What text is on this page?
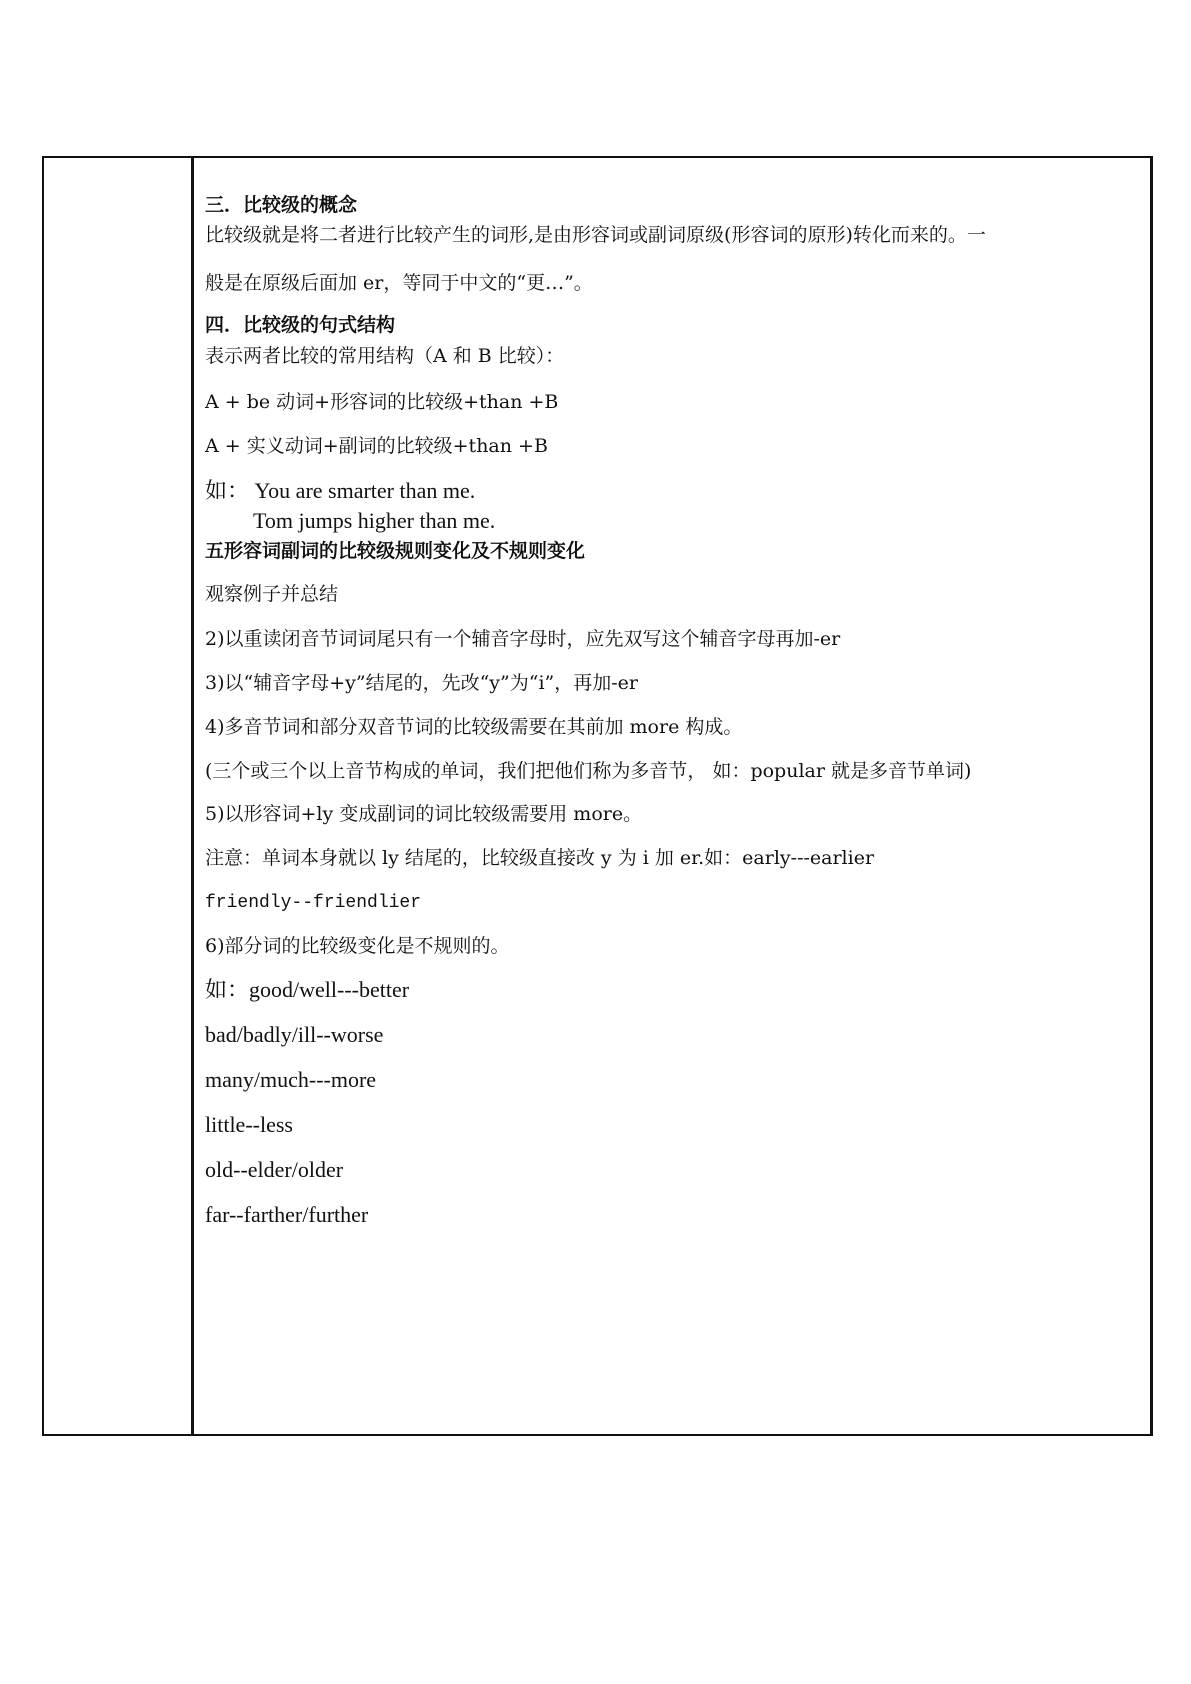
三．比较级的概念
比较级就是将二者进行比较产生的词形,是由形容词或副词原级(形容词的原形)转化而来的。一
般是在原级后面加 er，等同于中文的“更…”。
四．比较级的句式结构
表示两者比较的常用结构（A 和 B 比较）：
A + be 动词+形容词的比较级+than +B
A + 实义动词+副词的比较级+than +B
如： You are smarter than me.
Tom jumps higher than me.
五形容词副词的比较级规则变化及不规则变化
观察例子并总结
2)以重读闭音节词词尾只有一个辅音字母时，应先双写这个辅音字母再加-er
3)以“辅音字母+y”结尾的，先改“y”为“i”，再加-er
4)多音节词和部分双音节词的比较级需要在其前加 more 构成。
(三个或三个以上音节构成的单词，我们把他们称为多音节， 如：popular 就是多音节单词)
5)以形容词+ly 变成副词的词比较级需要用 more。
注意：单词本身就以 ly 结尾的，比较级直接改 y 为 i 加 er.如：early---earlier
friendly--friendlier
6)部分词的比较级变化是不规则的。
如：good/well---better
bad/badly/ill--worse
many/much---more
little--less
old--elder/older
far--farther/further
